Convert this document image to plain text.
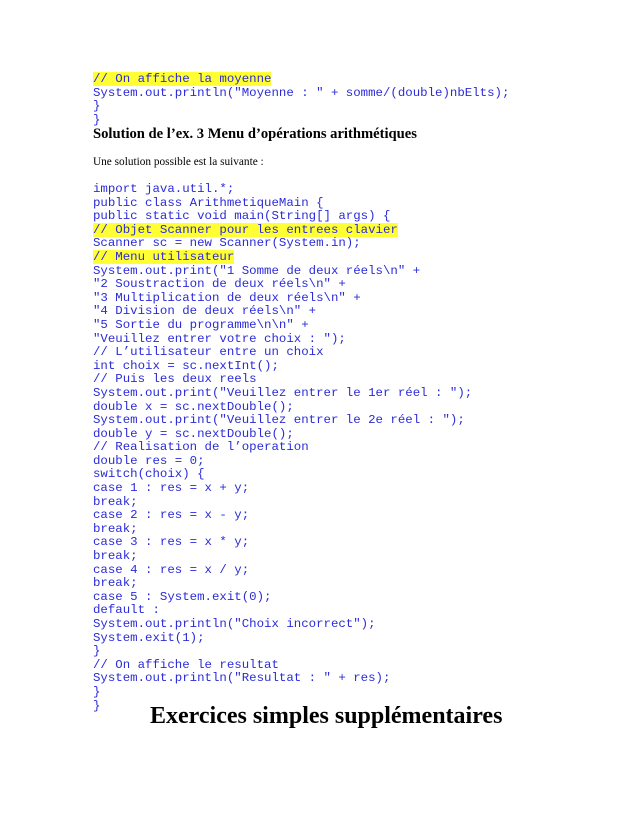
// On affiche la moyenne
System.out.println("Moyenne : " + somme/(double)nbElts);
}
}
Solution de l’ex. 3 Menu d’opérations arithmétiques

Une solution possible est la suivante :

import java.util.*;
public class ArithmetiqueMain {
public static void main(String[] args) {
// Objet Scanner pour les entrees clavier
Scanner sc = new Scanner(System.in);
// Menu utilisateur
System.out.print("1 Somme de deux réels\n" +
"2 Soustraction de deux réels\n" +
"3 Multiplication de deux réels\n" +
"4 Division de deux réels\n" +
"5 Sortie du programme\n\n" +
"Veuillez entrer votre choix : ");
// L’utilisateur entre un choix
int choix = sc.nextInt();
// Puis les deux reels
System.out.print("Veuillez entrer le 1er réel : ");
double x = sc.nextDouble();
System.out.print("Veuillez entrer le 2e réel : ");
double y = sc.nextDouble();
// Realisation de l’operation
double res = 0;
switch(choix) {
case 1 : res = x + y;
break;
case 2 : res = x - y;
break;
case 3 : res = x * y;
break;
case 4 : res = x / y;
break;
case 5 : System.exit(0);
default :
System.out.println("Choix incorrect");
System.exit(1);
}
// On affiche le resultat
System.out.println("Resultat : " + res);
}
}	Exercices simples supplémentaires
